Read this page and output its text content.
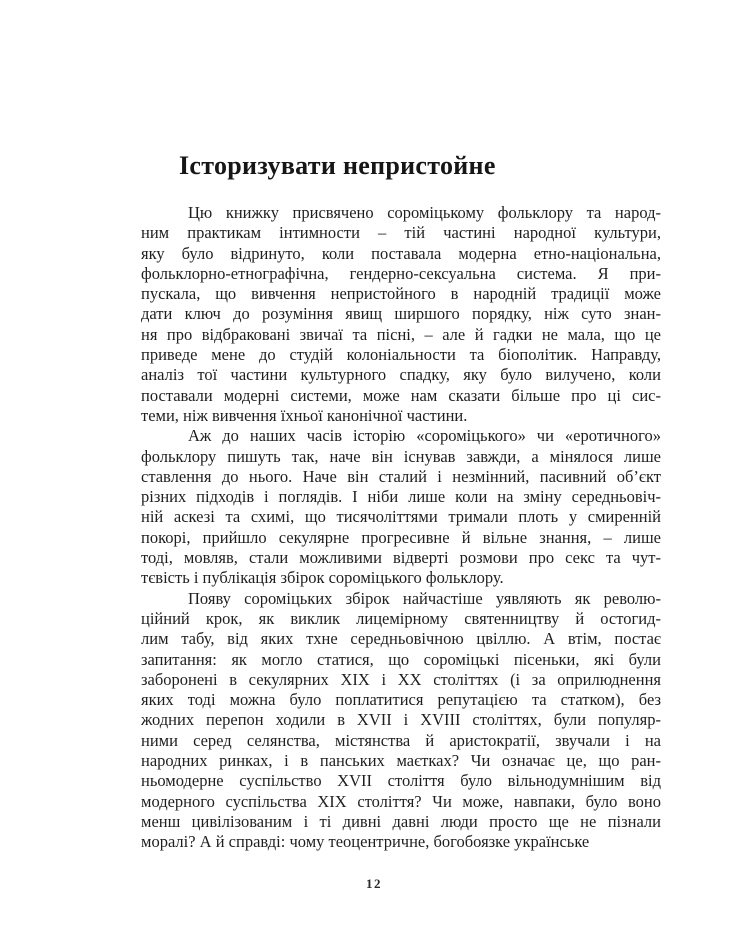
Історизувати непристойне

Цю книжку присвячено сороміцькому фольклору та народ-
ним практикам інтимности – тій частині народної культури,
яку було відринуто, коли поставала модерна етно-національна,
фольклорно-етнографічна, гендерно-сексуальна система. Я при-
пускала, що вивчення непристойного в народній традиції може
дати ключ до розуміння явищ ширшого порядку, ніж суто знан-
ня про відбраковані звичаї та пісні, – але й гадки не мала, що це
приведе мене до студій колоніальности та біополітик. Направду,
аналіз тої частини культурного спадку, яку було вилучено, коли
поставали модерні системи, може нам сказати більше про ці сис-
теми, ніж вивчення їхньої канонічної частини.

Аж до наших часів історію «сороміцького» чи «еротичного»
фольклору пишуть так, наче він існував завжди, а мінялося лише
ставлення до нього. Наче він сталий і незмінний, пасивний об’єкт
різних підходів і поглядів. І ніби лише коли на зміну середньовіч-
ній аскезі та схимі, що тисячоліттями тримали плоть у смиренній
покорі, прийшло секулярне прогресивне й вільне знання, – лише
тоді, мовляв, стали можливими відверті розмови про секс та чут-
тєвість і публікація збірок сороміцького фольклору.

Появу сороміцьких збірок найчастіше уявляють як револю-
ційний крок, як виклик лицемірному святенництву й остогид-
лим табу, від яких тхне середньовічною цвіллю. А втім, постає
запитання: як могло статися, що сороміцькі пісеньки, які були
заборонені в секулярних XIX і XX століттях (і за оприлюднення
яких тоді можна було поплатитися репутацією та статком), без
жодних перепон ходили в XVII і XVIII століттях, були популяр-
ними серед селянства, містянства й аристократії, звучали і на
народних ринках, і в панських маєтках? Чи означає це, що ран-
ньомодерне суспільство XVII століття було вільнодумнішим від
модерного суспільства XIX століття? Чи може, навпаки, було воно
менш цивілізованим і ті дивні давні люди просто ще не пізнали
моралі? А й справді: чому теоцентричне, богобоязке українське

12
